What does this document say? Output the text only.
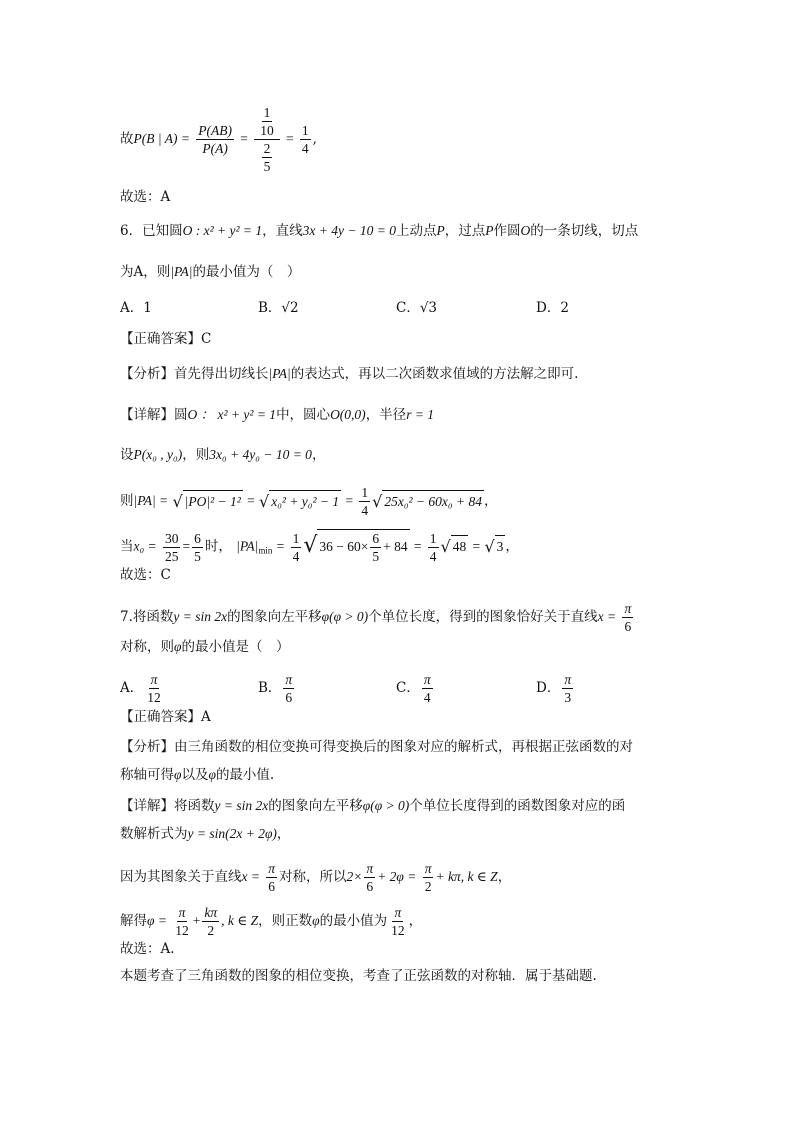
故P(B | $A) = \frac{P(AB)}{P(A)} = \frac{\frac{1}{10}}{\frac{2}{5}} = \frac{1}{4}$ ,
故选：A
6．已知圆O : x² + y² = 1，直线3x + 4y − 10 = 0上动点P，过点P作圆O的一条切线，切点
为A，则|PA|的最小值为（　）
A．1	B．√2	C．√3	D．2
【正确答案】C
【分析】首先得出切线长|PA|的表达式，再以二次函数求值域的方法解之即可.
【详解】圆O ： x² + y² = 1中，圆心O(0,0)，半径r = 1
设P(x₀ , y₀)，则3x₀ + 4y₀ − 10 = 0，
则|PA| = √ |PO|² − 1² = √ $x_0^2 + y_0^2 - 1 = \frac{1}{4}$ √ 25x₀² − 60x₀ + 84 ，
当$x_0 = \frac{30}{25} = \frac{6}{5}$ 时， $|PA|_{min} = \frac{1}{4}$ √ $36 - 60\times \frac{6}{5} + 84 = \frac{1}{4}$ √ 48 = √ 3 ，
故选：C
7.将函数y = sin 2x的图象向左平移φ(φ > 0)个单位长度，得到的图象恰好关于直线$x = \frac{\pi}{6}$
对称，则φ的最小值是（　）
A． $\frac{\pi}{12}$	B． $\frac{\pi}{6}$	C． $\frac{\pi}{4}$	D． $\frac{\pi}{3}$
【正确答案】A
【分析】由三角函数的相位变换可得变换后的图象对应的解析式，再根据正弦函数的对
称轴可得φ以及φ的最小值.
【详解】将函数y = sin 2x的图象向左平移φ(φ > 0)个单位长度得到的函数图象对应的函
数解析式为y = sin(2x + 2φ)，
因为其图象关于直线$x = \frac{\pi}{6}$ 对称，所以$2\times \frac{\pi}{6} + 2\varphi = \frac{\pi}{2} + k\pi$, k ∈ Z，
解得$\varphi = \frac{\pi}{12} + \frac{k\pi}{2}$ , k ∈ Z，则正数φ的最小值为 $\frac{\pi}{12}$ ，
故选：A.
本题考查了三角函数的图象的相位变换，考查了正弦函数的对称轴．属于基础题.
